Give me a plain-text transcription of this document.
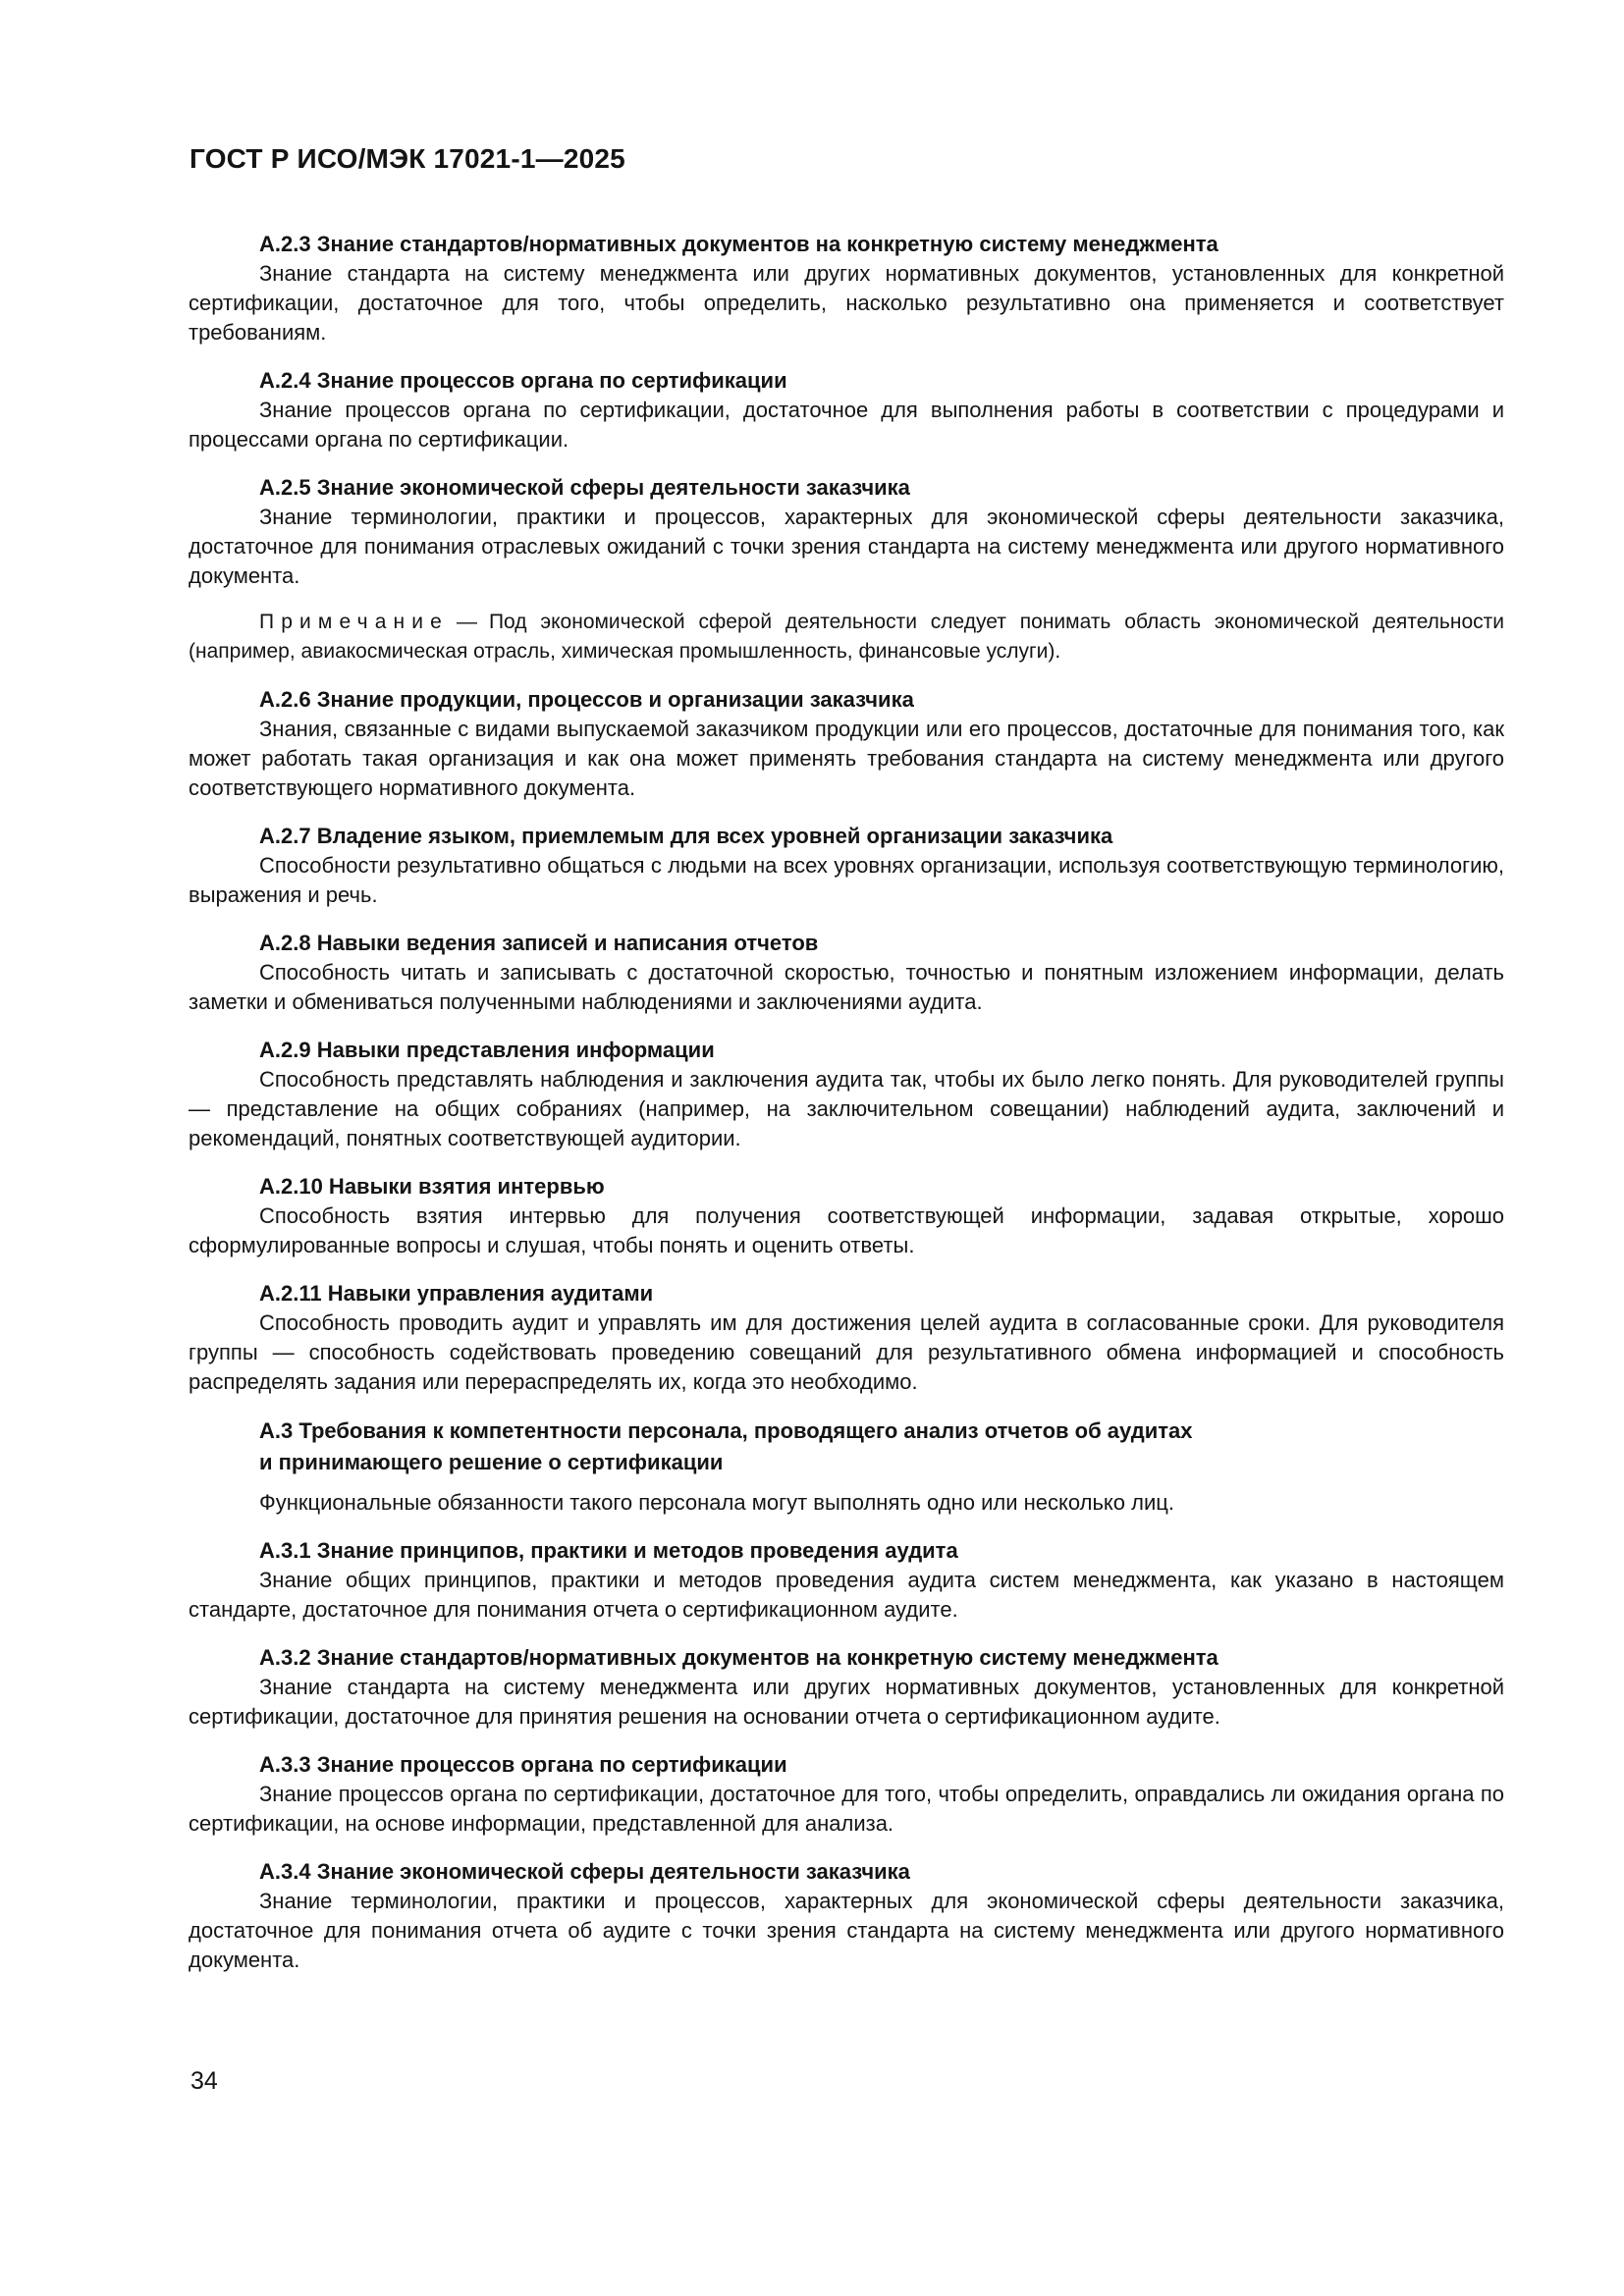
ГОСТ Р ИСО/МЭК 17021-1—2025
А.2.3 Знание стандартов/нормативных документов на конкретную систему менеджмента

Знание стандарта на систему менеджмента или других нормативных документов, установленных для конкретной сертификации, достаточное для того, чтобы определить, насколько результативно она применяется и соответствует требованиям.

А.2.4 Знание процессов органа по сертификации

Знание процессов органа по сертификации, достаточное для выполнения работы в соответствии с процедурами и процессами органа по сертификации.

А.2.5 Знание экономической сферы деятельности заказчика

Знание терминологии, практики и процессов, характерных для экономической сферы деятельности заказчика, достаточное для понимания отраслевых ожиданий с точки зрения стандарта на систему менеджмента или другого нормативного документа.

Примечание — Под экономической сферой деятельности следует понимать область экономической деятельности (например, авиакосмическая отрасль, химическая промышленность, финансовые услуги).

А.2.6 Знание продукции, процессов и организации заказчика

Знания, связанные с видами выпускаемой заказчиком продукции или его процессов, достаточные для понимания того, как может работать такая организация и как она может применять требования стандарта на систему менеджмента или другого соответствующего нормативного документа.

А.2.7 Владение языком, приемлемым для всех уровней организации заказчика

Способности результативно общаться с людьми на всех уровнях организации, используя соответствующую терминологию, выражения и речь.

А.2.8 Навыки ведения записей и написания отчетов

Способность читать и записывать с достаточной скоростью, точностью и понятным изложением информации, делать заметки и обмениваться полученными наблюдениями и заключениями аудита.

А.2.9 Навыки представления информации

Способность представлять наблюдения и заключения аудита так, чтобы их было легко понять. Для руководителей группы — представление на общих собраниях (например, на заключительном совещании) наблюдений аудита, заключений и рекомендаций, понятных соответствующей аудитории.

А.2.10 Навыки взятия интервью

Способность взятия интервью для получения соответствующей информации, задавая открытые, хорошо сформулированные вопросы и слушая, чтобы понять и оценить ответы.

А.2.11 Навыки управления аудитами

Способность проводить аудит и управлять им для достижения целей аудита в согласованные сроки. Для руководителя группы — способность содействовать проведению совещаний для результативного обмена информацией и способность распределять задания или перераспределять их, когда это необходимо.

А.3 Требования к компетентности персонала, проводящего анализ отчетов об аудитах
и принимающего решение о сертификации

Функциональные обязанности такого персонала могут выполнять одно или несколько лиц.

А.3.1 Знание принципов, практики и методов проведения аудита

Знание общих принципов, практики и методов проведения аудита систем менеджмента, как указано в настоящем стандарте, достаточное для понимания отчета о сертификационном аудите.

А.3.2 Знание стандартов/нормативных документов на конкретную систему менеджмента

Знание стандарта на систему менеджмента или других нормативных документов, установленных для конкретной сертификации, достаточное для принятия решения на основании отчета о сертификационном аудите.

А.3.3 Знание процессов органа по сертификации

Знание процессов органа по сертификации, достаточное для того, чтобы определить, оправдались ли ожидания органа по сертификации, на основе информации, представленной для анализа.

А.3.4 Знание экономической сферы деятельности заказчика

Знание терминологии, практики и процессов, характерных для экономической сферы деятельности заказчика, достаточное для понимания отчета об аудите с точки зрения стандарта на систему менеджмента или другого нормативного документа.

34
